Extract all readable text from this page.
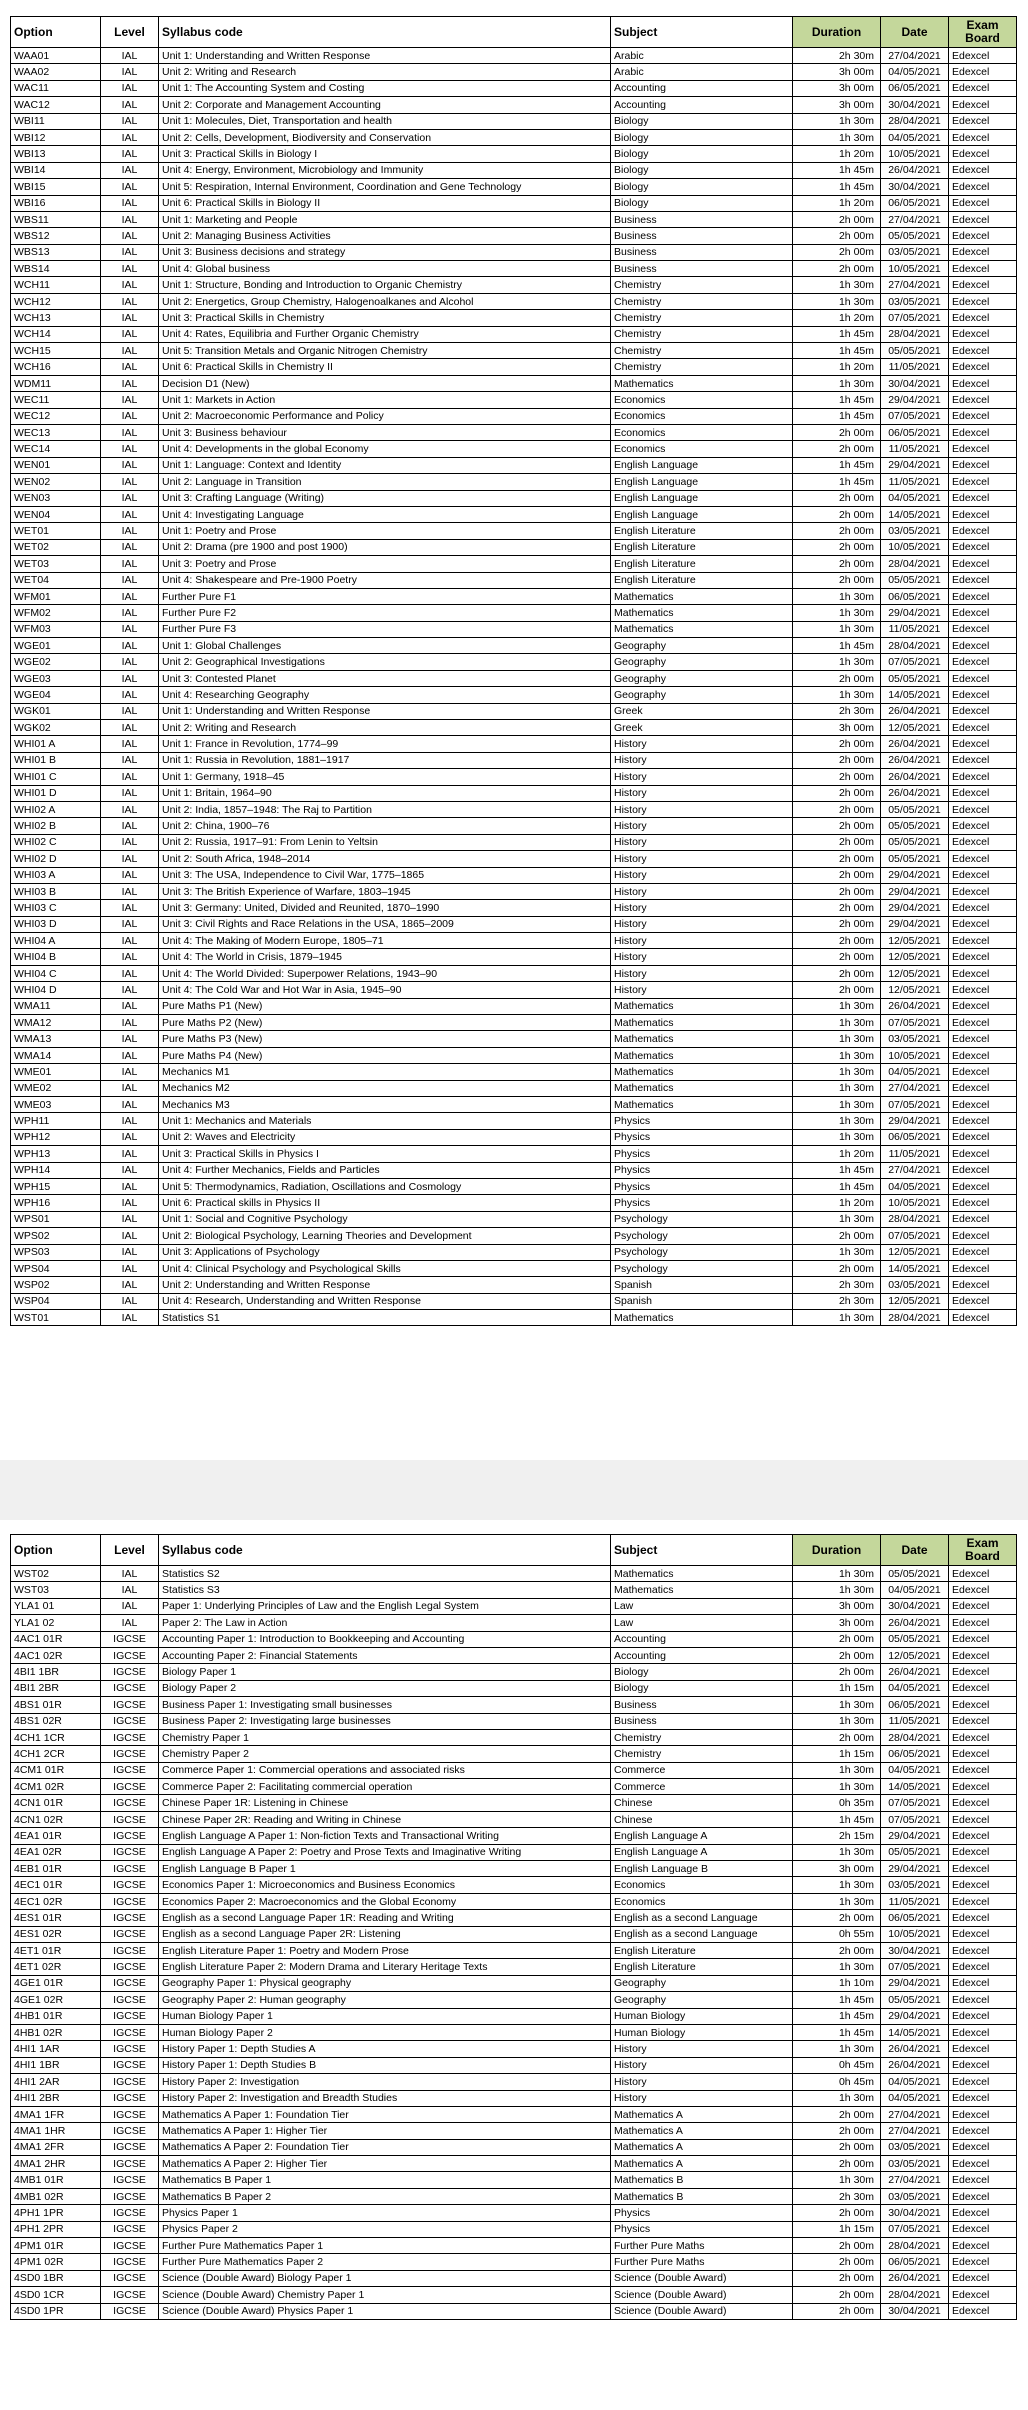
Option	Level	Syllabus code	Subject	Duration	Date	Exam Board
WAA01	IAL	Unit 1: Understanding and Written Response	Arabic	2h 30m	27/04/2021	Edexcel
WAA02	IAL	Unit 2: Writing and Research	Arabic	3h 00m	04/05/2021	Edexcel
WAC11	IAL	Unit 1: The Accounting System and Costing	Accounting	3h 00m	06/05/2021	Edexcel
WAC12	IAL	Unit 2: Corporate and Management Accounting	Accounting	3h 00m	30/04/2021	Edexcel
WBI11	IAL	Unit 1: Molecules, Diet, Transportation and health	Biology	1h 30m	28/04/2021	Edexcel
WBI12	IAL	Unit 2: Cells, Development, Biodiversity and Conservation	Biology	1h 30m	04/05/2021	Edexcel
WBI13	IAL	Unit 3: Practical Skills in Biology I	Biology	1h 20m	10/05/2021	Edexcel
WBI14	IAL	Unit 4: Energy, Environment, Microbiology and Immunity	Biology	1h 45m	26/04/2021	Edexcel
WBI15	IAL	Unit 5: Respiration, Internal Environment, Coordination and Gene Technology	Biology	1h 45m	30/04/2021	Edexcel
WBI16	IAL	Unit 6: Practical Skills in Biology II	Biology	1h 20m	06/05/2021	Edexcel
WBS11	IAL	Unit 1: Marketing and People	Business	2h 00m	27/04/2021	Edexcel
WBS12	IAL	Unit 2: Managing Business Activities	Business	2h 00m	05/05/2021	Edexcel
WBS13	IAL	Unit 3: Business decisions and strategy	Business	2h 00m	03/05/2021	Edexcel
WBS14	IAL	Unit 4: Global business	Business	2h 00m	10/05/2021	Edexcel
WCH11	IAL	Unit 1: Structure, Bonding and Introduction to Organic Chemistry	Chemistry	1h 30m	27/04/2021	Edexcel
WCH12	IAL	Unit 2: Energetics, Group Chemistry, Halogenoalkanes and Alcohol	Chemistry	1h 30m	03/05/2021	Edexcel
WCH13	IAL	Unit 3: Practical Skills in Chemistry	Chemistry	1h 20m	07/05/2021	Edexcel
WCH14	IAL	Unit 4: Rates, Equilibria and Further Organic Chemistry	Chemistry	1h 45m	28/04/2021	Edexcel
WCH15	IAL	Unit 5: Transition Metals and Organic Nitrogen Chemistry	Chemistry	1h 45m	05/05/2021	Edexcel
WCH16	IAL	Unit 6: Practical Skills in Chemistry II	Chemistry	1h 20m	11/05/2021	Edexcel
WDM11	IAL	Decision D1 (New)	Mathematics	1h 30m	30/04/2021	Edexcel
WEC11	IAL	Unit 1: Markets in Action	Economics	1h 45m	29/04/2021	Edexcel
WEC12	IAL	Unit 2: Macroeconomic Performance and Policy	Economics	1h 45m	07/05/2021	Edexcel
WEC13	IAL	Unit 3: Business behaviour	Economics	2h 00m	06/05/2021	Edexcel
WEC14	IAL	Unit 4: Developments in the global Economy	Economics	2h 00m	11/05/2021	Edexcel
WEN01	IAL	Unit 1: Language: Context and Identity	English Language	1h 45m	29/04/2021	Edexcel
WEN02	IAL	Unit 2: Language in Transition	English Language	1h 45m	11/05/2021	Edexcel
WEN03	IAL	Unit 3: Crafting Language (Writing)	English Language	2h 00m	04/05/2021	Edexcel
WEN04	IAL	Unit 4: Investigating Language	English Language	2h 00m	14/05/2021	Edexcel
WET01	IAL	Unit 1: Poetry and Prose	English Literature	2h 00m	03/05/2021	Edexcel
WET02	IAL	Unit 2: Drama (pre 1900 and post 1900)	English Literature	2h 00m	10/05/2021	Edexcel
WET03	IAL	Unit 3: Poetry and Prose	English Literature	2h 00m	28/04/2021	Edexcel
WET04	IAL	Unit 4: Shakespeare and Pre-1900 Poetry	English Literature	2h 00m	05/05/2021	Edexcel
WFM01	IAL	Further Pure F1	Mathematics	1h 30m	06/05/2021	Edexcel
WFM02	IAL	Further Pure F2	Mathematics	1h 30m	29/04/2021	Edexcel
WFM03	IAL	Further Pure F3	Mathematics	1h 30m	11/05/2021	Edexcel
WGE01	IAL	Unit 1: Global Challenges	Geography	1h 45m	28/04/2021	Edexcel
WGE02	IAL	Unit 2: Geographical Investigations	Geography	1h 30m	07/05/2021	Edexcel
WGE03	IAL	Unit 3: Contested Planet	Geography	2h 00m	05/05/2021	Edexcel
WGE04	IAL	Unit 4: Researching Geography	Geography	1h 30m	14/05/2021	Edexcel
WGK01	IAL	Unit 1: Understanding and Written Response	Greek	2h 30m	26/04/2021	Edexcel
WGK02	IAL	Unit 2: Writing and Research	Greek	3h 00m	12/05/2021	Edexcel
WHI01 A	IAL	Unit 1: France in Revolution, 1774–99	History	2h 00m	26/04/2021	Edexcel
WHI01 B	IAL	Unit 1: Russia in Revolution, 1881–1917	History	2h 00m	26/04/2021	Edexcel
WHI01 C	IAL	Unit 1: Germany, 1918–45	History	2h 00m	26/04/2021	Edexcel
WHI01 D	IAL	Unit 1: Britain, 1964–90	History	2h 00m	26/04/2021	Edexcel
WHI02 A	IAL	Unit 2: India, 1857–1948: The Raj to Partition	History	2h 00m	05/05/2021	Edexcel
WHI02 B	IAL	Unit 2: China, 1900–76	History	2h 00m	05/05/2021	Edexcel
WHI02 C	IAL	Unit 2: Russia, 1917–91: From Lenin to Yeltsin	History	2h 00m	05/05/2021	Edexcel
WHI02 D	IAL	Unit 2: South Africa, 1948–2014	History	2h 00m	05/05/2021	Edexcel
WHI03 A	IAL	Unit 3: The USA, Independence to Civil War, 1775–1865	History	2h 00m	29/04/2021	Edexcel
WHI03 B	IAL	Unit 3: The British Experience of Warfare, 1803–1945	History	2h 00m	29/04/2021	Edexcel
WHI03 C	IAL	Unit 3: Germany: United, Divided and Reunited, 1870–1990	History	2h 00m	29/04/2021	Edexcel
WHI03 D	IAL	Unit 3: Civil Rights and Race Relations in the USA, 1865–2009	History	2h 00m	29/04/2021	Edexcel
WHI04 A	IAL	Unit 4: The Making of Modern Europe, 1805–71	History	2h 00m	12/05/2021	Edexcel
WHI04 B	IAL	Unit 4: The World in Crisis, 1879–1945	History	2h 00m	12/05/2021	Edexcel
WHI04 C	IAL	Unit 4: The World Divided: Superpower Relations, 1943–90	History	2h 00m	12/05/2021	Edexcel
WHI04 D	IAL	Unit 4: The Cold War and Hot War in Asia, 1945–90	History	2h 00m	12/05/2021	Edexcel
WMA11	IAL	Pure Maths P1 (New)	Mathematics	1h 30m	26/04/2021	Edexcel
WMA12	IAL	Pure Maths P2 (New)	Mathematics	1h 30m	07/05/2021	Edexcel
WMA13	IAL	Pure Maths P3 (New)	Mathematics	1h 30m	03/05/2021	Edexcel
WMA14	IAL	Pure Maths P4 (New)	Mathematics	1h 30m	10/05/2021	Edexcel
WME01	IAL	Mechanics M1	Mathematics	1h 30m	04/05/2021	Edexcel
WME02	IAL	Mechanics M2	Mathematics	1h 30m	27/04/2021	Edexcel
WME03	IAL	Mechanics M3	Mathematics	1h 30m	07/05/2021	Edexcel
WPH11	IAL	Unit 1: Mechanics and Materials	Physics	1h 30m	29/04/2021	Edexcel
WPH12	IAL	Unit 2: Waves and Electricity	Physics	1h 30m	06/05/2021	Edexcel
WPH13	IAL	Unit 3: Practical Skills in Physics I	Physics	1h 20m	11/05/2021	Edexcel
WPH14	IAL	Unit 4: Further Mechanics, Fields and Particles	Physics	1h 45m	27/04/2021	Edexcel
WPH15	IAL	Unit 5: Thermodynamics, Radiation, Oscillations and Cosmology	Physics	1h 45m	04/05/2021	Edexcel
WPH16	IAL	Unit 6: Practical skills in Physics II	Physics	1h 20m	10/05/2021	Edexcel
WPS01	IAL	Unit 1: Social and Cognitive Psychology	Psychology	1h 30m	28/04/2021	Edexcel
WPS02	IAL	Unit 2: Biological Psychology, Learning Theories and Development	Psychology	2h 00m	07/05/2021	Edexcel
WPS03	IAL	Unit 3: Applications of Psychology	Psychology	1h 30m	12/05/2021	Edexcel
WPS04	IAL	Unit 4: Clinical Psychology and Psychological Skills	Psychology	2h 00m	14/05/2021	Edexcel
WSP02	IAL	Unit 2: Understanding and Written Response	Spanish	2h 30m	03/05/2021	Edexcel
WSP04	IAL	Unit 4: Research, Understanding and Written Response	Spanish	2h 30m	12/05/2021	Edexcel
WST01	IAL	Statistics S1	Mathematics	1h 30m	28/04/2021	Edexcel
Option	Level	Syllabus code	Subject	Duration	Date	Exam Board
WST02	IAL	Statistics S2	Mathematics	1h 30m	05/05/2021	Edexcel
WST03	IAL	Statistics S3	Mathematics	1h 30m	04/05/2021	Edexcel
YLA1 01	IAL	Paper 1: Underlying Principles of Law and the English Legal System	Law	3h 00m	30/04/2021	Edexcel
YLA1 02	IAL	Paper 2: The Law in Action	Law	3h 00m	26/04/2021	Edexcel
4AC1 01R	IGCSE	Accounting Paper 1: Introduction to Bookkeeping and Accounting	Accounting	2h 00m	05/05/2021	Edexcel
4AC1 02R	IGCSE	Accounting Paper 2: Financial Statements	Accounting	2h 00m	12/05/2021	Edexcel
4BI1 1BR	IGCSE	Biology Paper 1	Biology	2h 00m	26/04/2021	Edexcel
4BI1 2BR	IGCSE	Biology Paper 2	Biology	1h 15m	04/05/2021	Edexcel
4BS1 01R	IGCSE	Business Paper 1: Investigating small businesses	Business	1h 30m	06/05/2021	Edexcel
4BS1 02R	IGCSE	Business Paper 2: Investigating large businesses	Business	1h 30m	11/05/2021	Edexcel
4CH1 1CR	IGCSE	Chemistry Paper 1	Chemistry	2h 00m	28/04/2021	Edexcel
4CH1 2CR	IGCSE	Chemistry Paper 2	Chemistry	1h 15m	06/05/2021	Edexcel
4CM1 01R	IGCSE	Commerce Paper 1: Commercial operations and associated risks	Commerce	1h 30m	04/05/2021	Edexcel
4CM1 02R	IGCSE	Commerce Paper 2: Facilitating commercial operation	Commerce	1h 30m	14/05/2021	Edexcel
4CN1 01R	IGCSE	Chinese Paper 1R: Listening in Chinese	Chinese	0h 35m	07/05/2021	Edexcel
4CN1 02R	IGCSE	Chinese Paper 2R: Reading and Writing in Chinese	Chinese	1h 45m	07/05/2021	Edexcel
4EA1 01R	IGCSE	English Language A Paper 1: Non-fiction Texts and Transactional Writing	English Language A	2h 15m	29/04/2021	Edexcel
4EA1 02R	IGCSE	English Language A Paper 2: Poetry and Prose Texts and Imaginative Writing	English Language A	1h 30m	05/05/2021	Edexcel
4EB1 01R	IGCSE	English Language B Paper 1	English Language B	3h 00m	29/04/2021	Edexcel
4EC1 01R	IGCSE	Economics Paper 1: Microeconomics and Business Economics	Economics	1h 30m	03/05/2021	Edexcel
4EC1 02R	IGCSE	Economics Paper 2: Macroeconomics and the Global Economy	Economics	1h 30m	11/05/2021	Edexcel
4ES1 01R	IGCSE	English as a second Language Paper 1R: Reading and Writing	English as a second Language	2h 00m	06/05/2021	Edexcel
4ES1 02R	IGCSE	English as a second Language Paper 2R: Listening	English as a second Language	0h 55m	10/05/2021	Edexcel
4ET1 01R	IGCSE	English Literature Paper 1: Poetry and Modern Prose	English Literature	2h 00m	30/04/2021	Edexcel
4ET1 02R	IGCSE	English Literature Paper 2: Modern Drama and Literary Heritage Texts	English Literature	1h 30m	07/05/2021	Edexcel
4GE1 01R	IGCSE	Geography Paper 1: Physical geography	Geography	1h 10m	29/04/2021	Edexcel
4GE1 02R	IGCSE	Geography Paper 2: Human geography	Geography	1h 45m	05/05/2021	Edexcel
4HB1 01R	IGCSE	Human Biology Paper 1	Human Biology	1h 45m	29/04/2021	Edexcel
4HB1 02R	IGCSE	Human Biology Paper 2	Human Biology	1h 45m	14/05/2021	Edexcel
4HI1 1AR	IGCSE	History Paper 1: Depth Studies A	History	1h 30m	26/04/2021	Edexcel
4HI1 1BR	IGCSE	History Paper 1: Depth Studies B	History	0h 45m	26/04/2021	Edexcel
4HI1 2AR	IGCSE	History Paper 2: Investigation	History	0h 45m	04/05/2021	Edexcel
4HI1 2BR	IGCSE	History Paper 2: Investigation and Breadth Studies	History	1h 30m	04/05/2021	Edexcel
4MA1 1FR	IGCSE	Mathematics A Paper 1: Foundation Tier	Mathematics A	2h 00m	27/04/2021	Edexcel
4MA1 1HR	IGCSE	Mathematics A Paper 1: Higher Tier	Mathematics A	2h 00m	27/04/2021	Edexcel
4MA1 2FR	IGCSE	Mathematics A Paper 2: Foundation Tier	Mathematics A	2h 00m	03/05/2021	Edexcel
4MA1 2HR	IGCSE	Mathematics A Paper 2: Higher Tier	Mathematics A	2h 00m	03/05/2021	Edexcel
4MB1 01R	IGCSE	Mathematics B Paper 1	Mathematics B	1h 30m	27/04/2021	Edexcel
4MB1 02R	IGCSE	Mathematics B Paper 2	Mathematics B	2h 30m	03/05/2021	Edexcel
4PH1 1PR	IGCSE	Physics Paper 1	Physics	2h 00m	30/04/2021	Edexcel
4PH1 2PR	IGCSE	Physics Paper 2	Physics	1h 15m	07/05/2021	Edexcel
4PM1 01R	IGCSE	Further Pure Mathematics Paper 1	Further Pure Maths	2h 00m	28/04/2021	Edexcel
4PM1 02R	IGCSE	Further Pure Mathematics Paper 2	Further Pure Maths	2h 00m	06/05/2021	Edexcel
4SD0 1BR	IGCSE	Science (Double Award) Biology Paper 1	Science (Double Award)	2h 00m	26/04/2021	Edexcel
4SD0 1CR	IGCSE	Science (Double Award) Chemistry Paper 1	Science (Double Award)	2h 00m	28/04/2021	Edexcel
4SD0 1PR	IGCSE	Science (Double Award) Physics Paper 1	Science (Double Award)	2h 00m	30/04/2021	Edexcel
